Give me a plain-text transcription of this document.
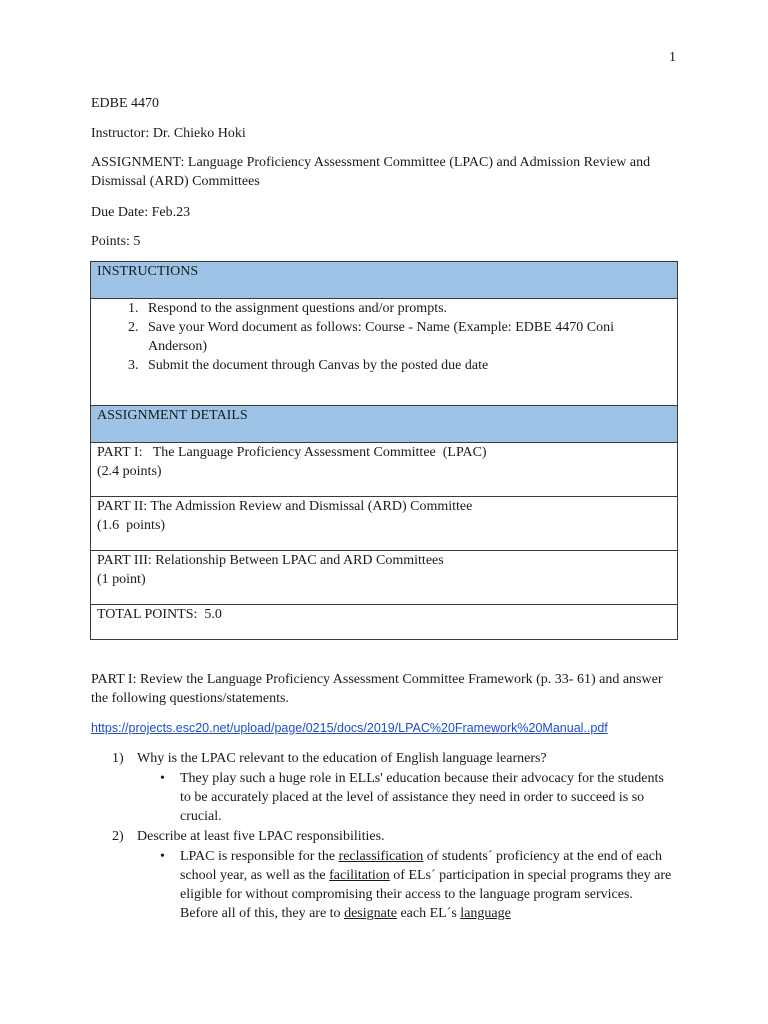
1
EDBE 4470
Instructor: Dr. Chieko Hoki
ASSIGNMENT: Language Proficiency Assessment Committee (LPAC) and Admission Review and Dismissal (ARD) Committees
Due Date: Feb.23
Points: 5
INSTRUCTIONS

1. Respond to the assignment questions and/or prompts.
2. Save your Word document as follows: Course - Name (Example: EDBE 4470 Coni Anderson)
3. Submit the document through Canvas by the posted due date

ASSIGNMENT DETAILS

PART I:   The Language Proficiency Assessment Committee  (LPAC)
(2.4 points)

PART II: The Admission Review and Dismissal (ARD) Committee
(1.6  points)

PART III: Relationship Between LPAC and ARD Committees
(1 point)

TOTAL POINTS:  5.0
PART I: Review the Language Proficiency Assessment Committee Framework (p. 33- 61) and answer the following questions/statements.
https://projects.esc20.net/upload/page/0215/docs/2019/LPAC%20Framework%20Manual..pdf
1) Why is the LPAC relevant to the education of English language learners?
• They play such a huge role in ELLs' education because their advocacy for the students to be accurately placed at the level of assistance they need in order to succeed is so crucial.
2) Describe at least five LPAC responsibilities.
• LPAC is responsible for the reclassification of students´ proficiency at the end of each school year, as well as the facilitation of ELs´ participation in special programs they are eligible for without compromising their access to the language program services. Before all of this, they are to designate each EL´s language
